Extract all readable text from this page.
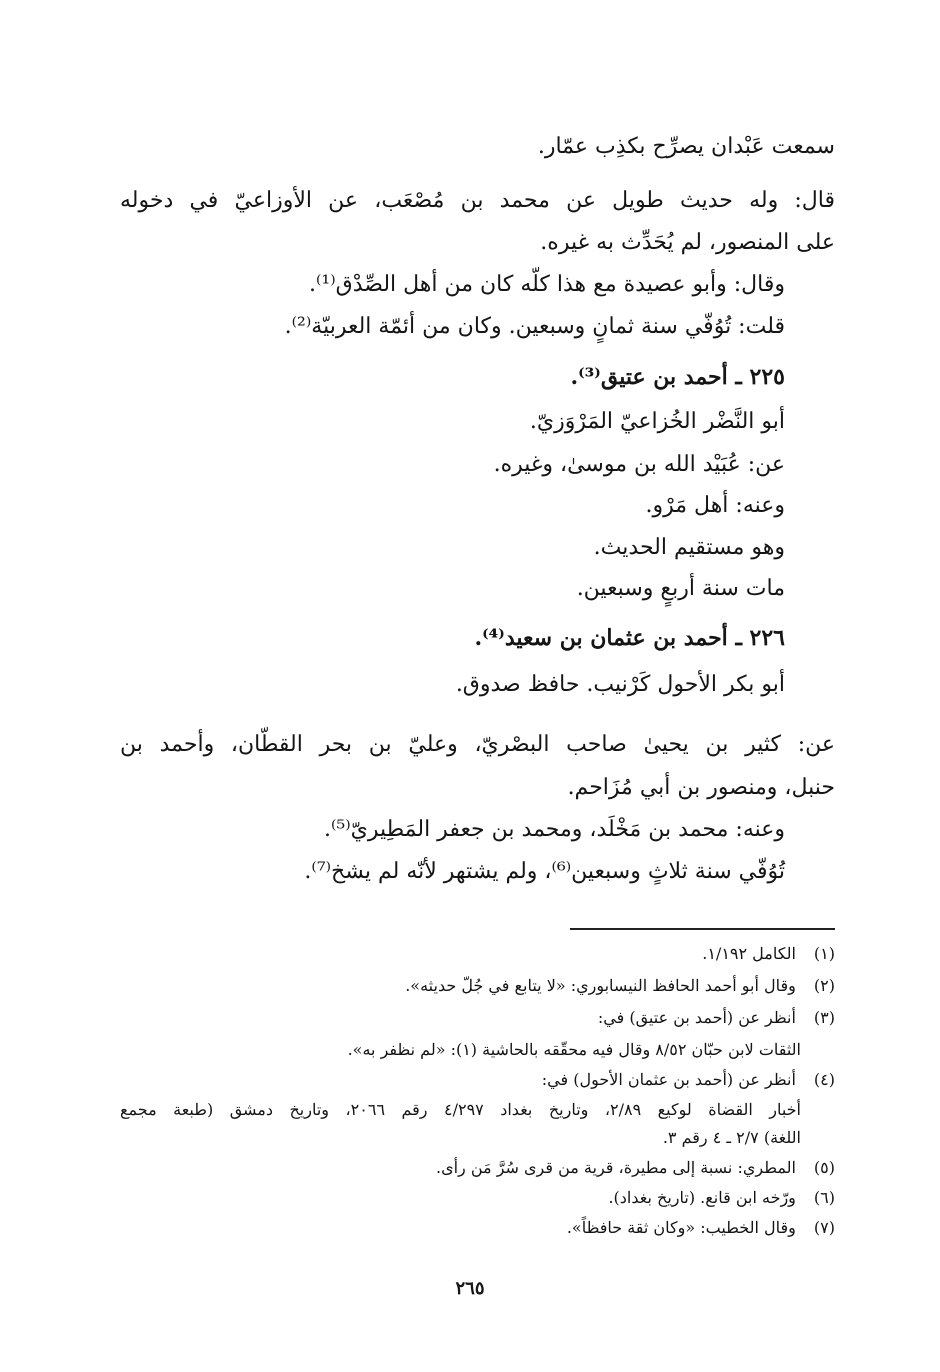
سمعت عَبْدان يصرِّح بكذِب عمّار.
قال: وله حديث طويل عن محمد بن مُصْعَب، عن الأوزاعيّ في دخوله
على المنصور، لم يُحَدِّث به غيره.
وقال: وأبو عصيدة مع هذا كلّه كان من أهل الصِّدْق⁽¹⁾.
قلت: تُوُفّي سنة ثمانٍ وسبعين. وكان من أئمّة العربيّة⁽²⁾.
٢٢٥ ـ أحمد بن عتيق⁽³⁾.
أبو النَّضْر الخُزاعيّ المَرْوَزيّ.
عن: عُبَيْد الله بن موسىٰ، وغيره.
وعنه: أهل مَرْو.
وهو مستقيم الحديث.
مات سنة أربعٍ وسبعين.
٢٢٦ ـ أحمد بن عثمان بن سعيد⁽⁴⁾.
أبو بكر الأحول كَرْنيب. حافظ صدوق.
عن: كثير بن يحيىٰ صاحب البصْريّ، وعليّ بن بحر القطّان، وأحمد بن
حنبل، ومنصور بن أبي مُزَاحم.
وعنه: محمد بن مَخْلَد، ومحمد بن جعفر المَطِيريّ⁽⁵⁾.
تُوُفّي سنة ثلاثٍ وسبعين⁽⁶⁾، ولم يشتهر لأنّه لم يشخ⁽⁷⁾.
(١) الكامل ١/١٩٢.
(٢) وقال أبو أحمد الحافظ النيسابوري: «لا يتابع في جُلّ حديثه».
(٣) أنظر عن (أحمد بن عتيق) في:
الثقات لابن حبّان ٨/٥٢ وقال فيه محقّقه بالحاشية (١): «لم نظفر به».
(٤) أنظر عن (أحمد بن عثمان الأحول) في:
أخبار القضاة لوكيع ٢/٨٩، وتاريخ بغداد ٤/٢٩٧ رقم ٢٠٦٦، وتاريخ دمشق (طبعة مجمع
اللغة) ٢/٧ ـ ٤ رقم ٣.
(٥) المطري: نسبة إلى مطيرة، قرية من قرى سُرَّ مَن رأى.
(٦) ورّخه ابن قانع. (تاريخ بغداد).
(٧) وقال الخطيب: «وكان ثقة حافظاً».
٢٦٥
